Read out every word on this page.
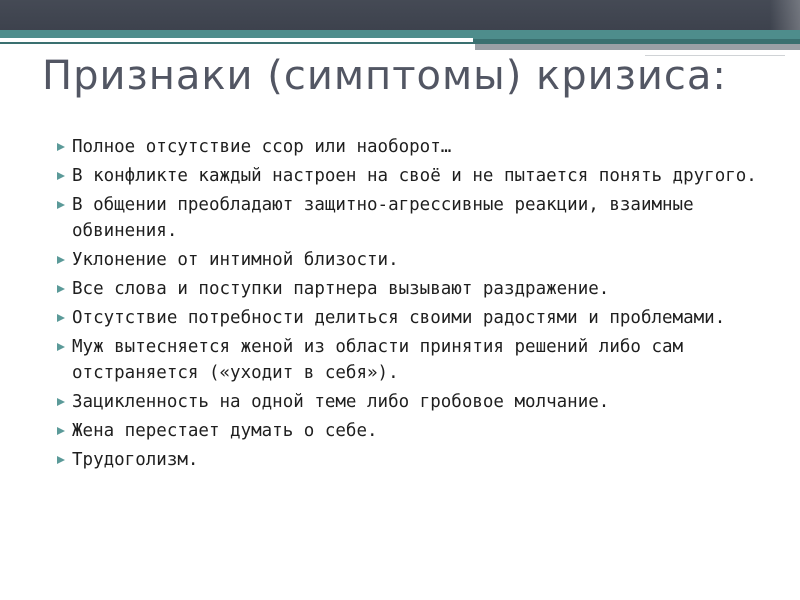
Признаки (симптомы) кризиса:
Полное отсутствие ссор или наоборот…
В конфликте каждый настроен на своё и не пытается понять другого.
В общении преобладают защитно-агрессивные реакции, взаимные обвинения.
Уклонение от интимной близости.
Все слова и поступки партнера вызывают раздражение.
Отсутствие потребности делиться своими радостями и проблемами.
Муж вытесняется женой из области принятия решений либо сам отстраняется («уходит в себя»).
Зацикленность на одной теме либо гробовое молчание.
Жена перестает думать о себе.
Трудоголизм.
